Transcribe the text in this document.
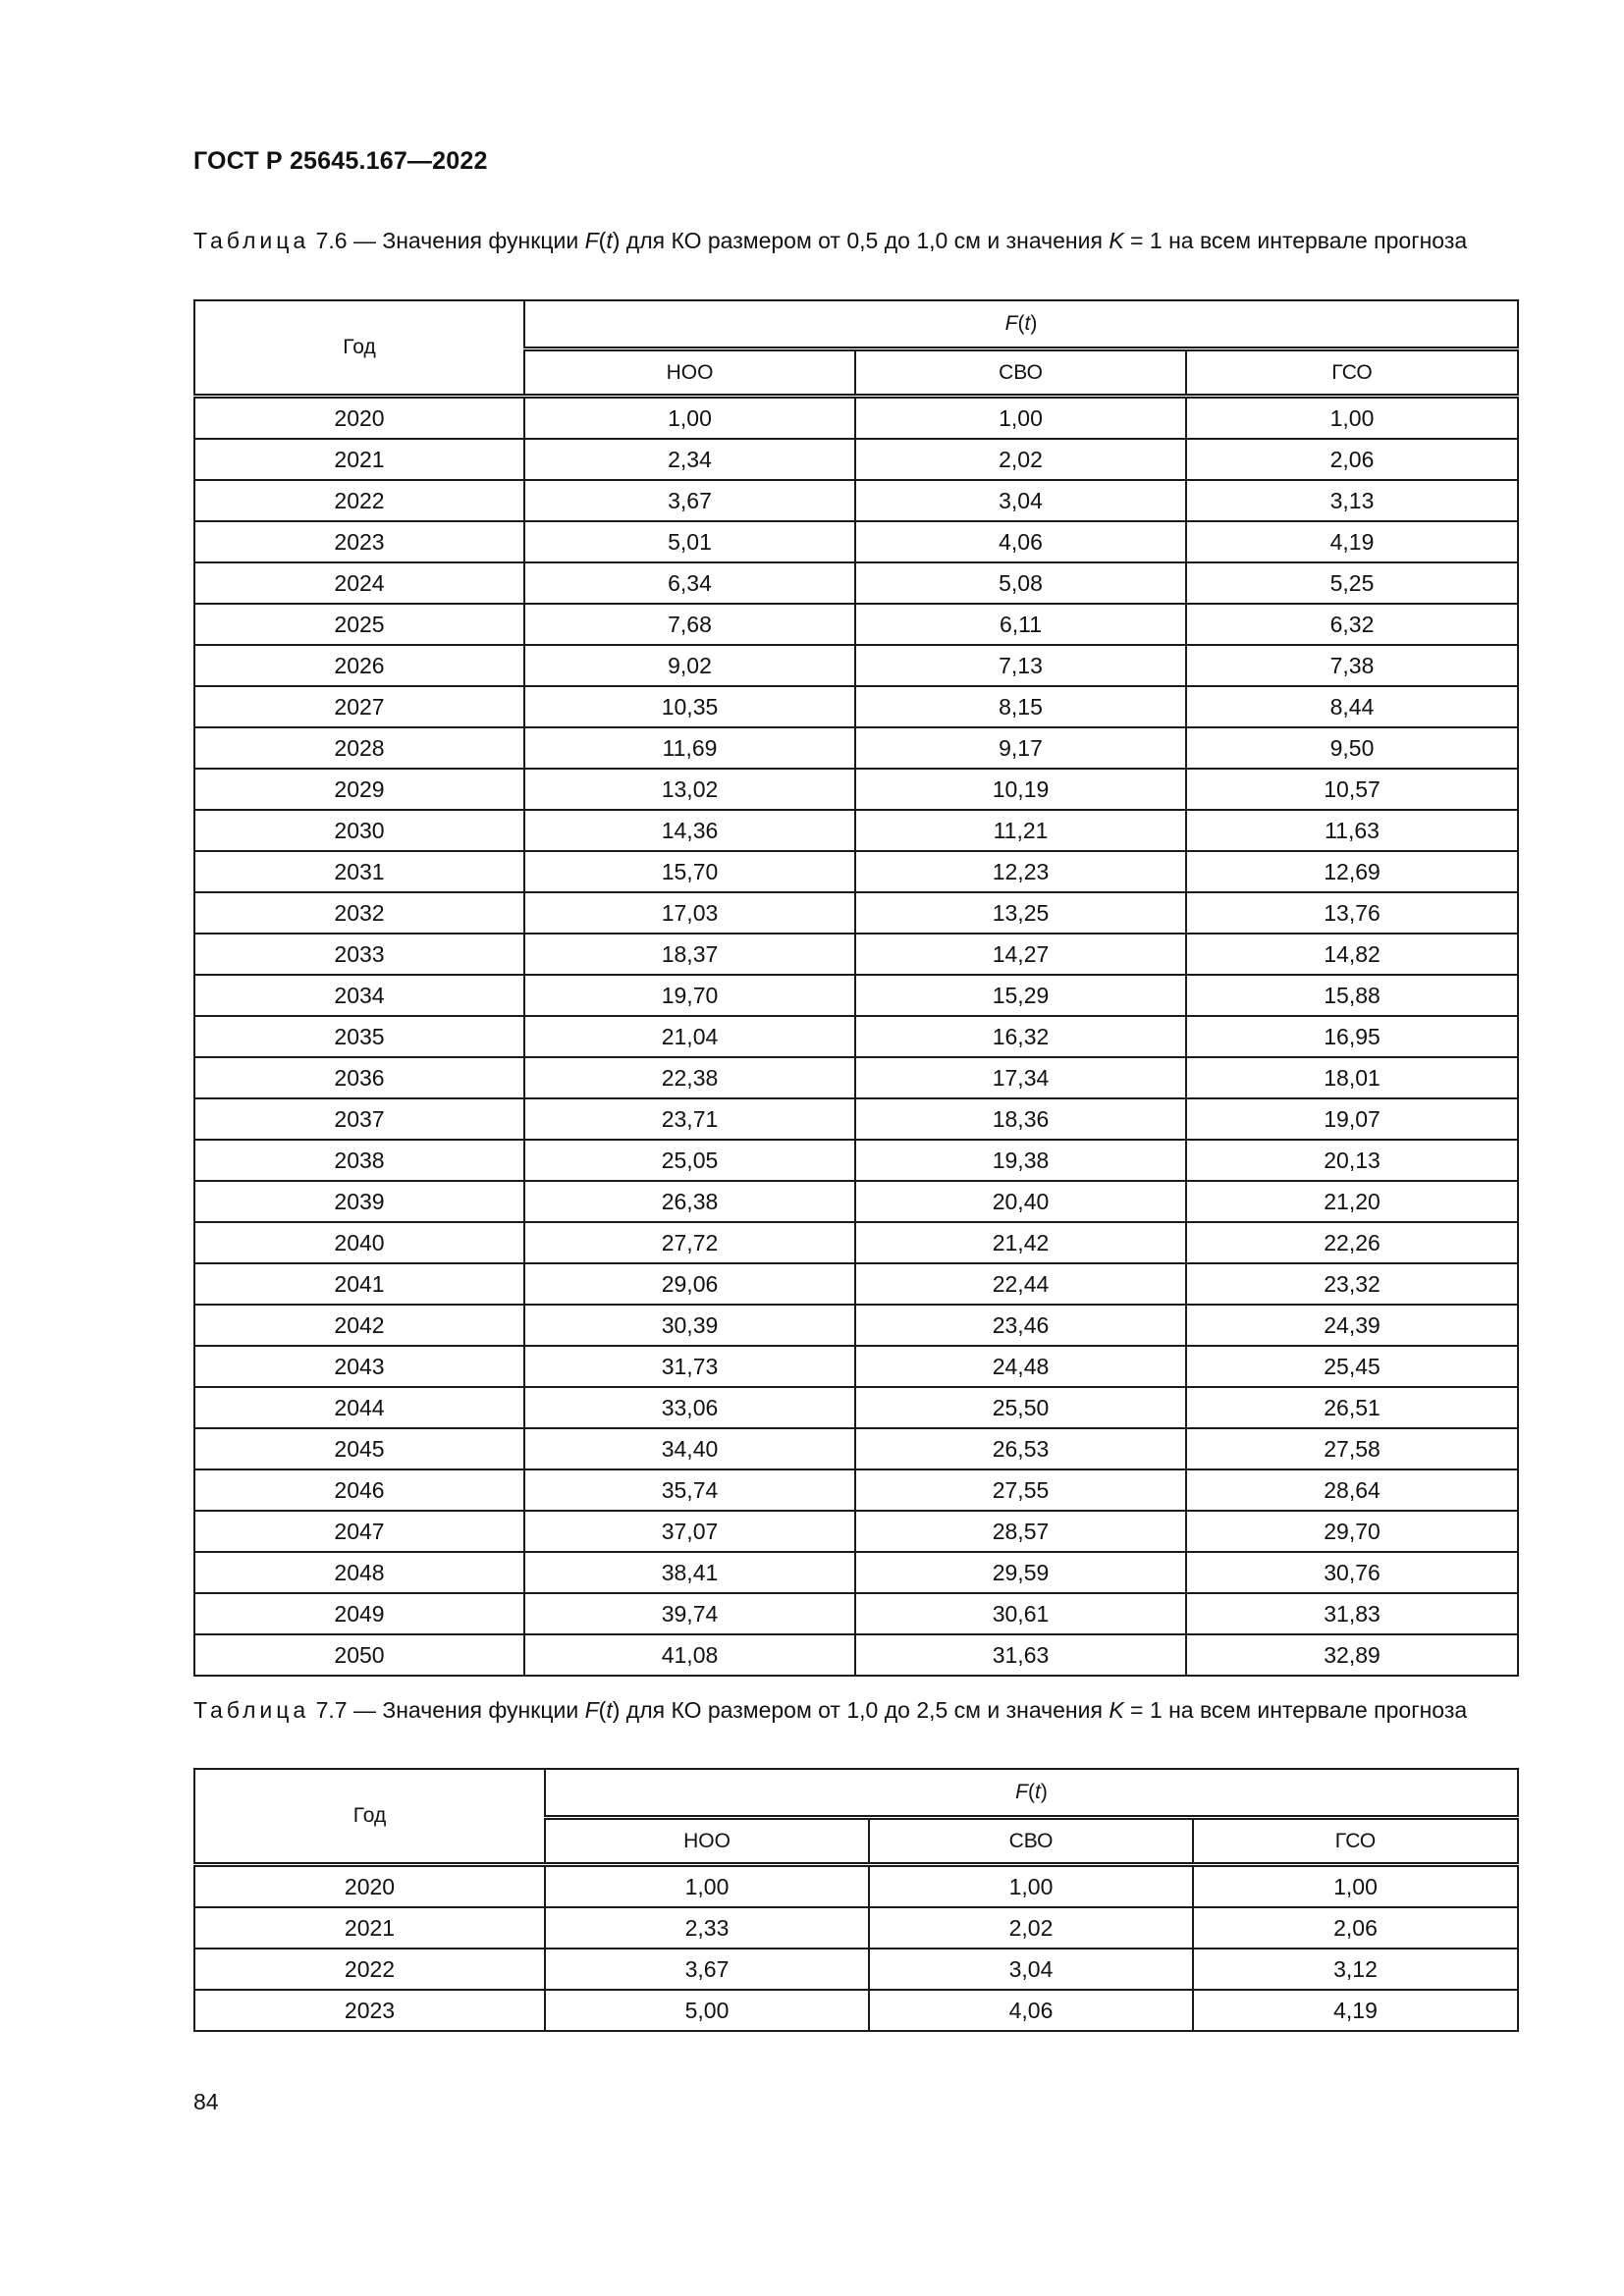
ГОСТ Р 25645.167—2022
Таблица 7.6 — Значения функции F(t) для КО размером от 0,5 до 1,0 см и значения K = 1 на всем интервале прогноза
Год	F(t)		
	НОО	СВО	ГСО
2020	1,00	1,00	1,00
2021	2,34	2,02	2,06
2022	3,67	3,04	3,13
2023	5,01	4,06	4,19
2024	6,34	5,08	5,25
2025	7,68	6,11	6,32
2026	9,02	7,13	7,38
2027	10,35	8,15	8,44
2028	11,69	9,17	9,50
2029	13,02	10,19	10,57
2030	14,36	11,21	11,63
2031	15,70	12,23	12,69
2032	17,03	13,25	13,76
2033	18,37	14,27	14,82
2034	19,70	15,29	15,88
2035	21,04	16,32	16,95
2036	22,38	17,34	18,01
2037	23,71	18,36	19,07
2038	25,05	19,38	20,13
2039	26,38	20,40	21,20
2040	27,72	21,42	22,26
2041	29,06	22,44	23,32
2042	30,39	23,46	24,39
2043	31,73	24,48	25,45
2044	33,06	25,50	26,51
2045	34,40	26,53	27,58
2046	35,74	27,55	28,64
2047	37,07	28,57	29,70
2048	38,41	29,59	30,76
2049	39,74	30,61	31,83
2050	41,08	31,63	32,89
Таблица 7.7 — Значения функции F(t) для КО размером от 1,0 до 2,5 см и значения K = 1 на всем интервале прогноза
Год	F(t)		
	НОО	СВО	ГСО
2020	1,00	1,00	1,00
2021	2,33	2,02	2,06
2022	3,67	3,04	3,12
2023	5,00	4,06	4,19
84
